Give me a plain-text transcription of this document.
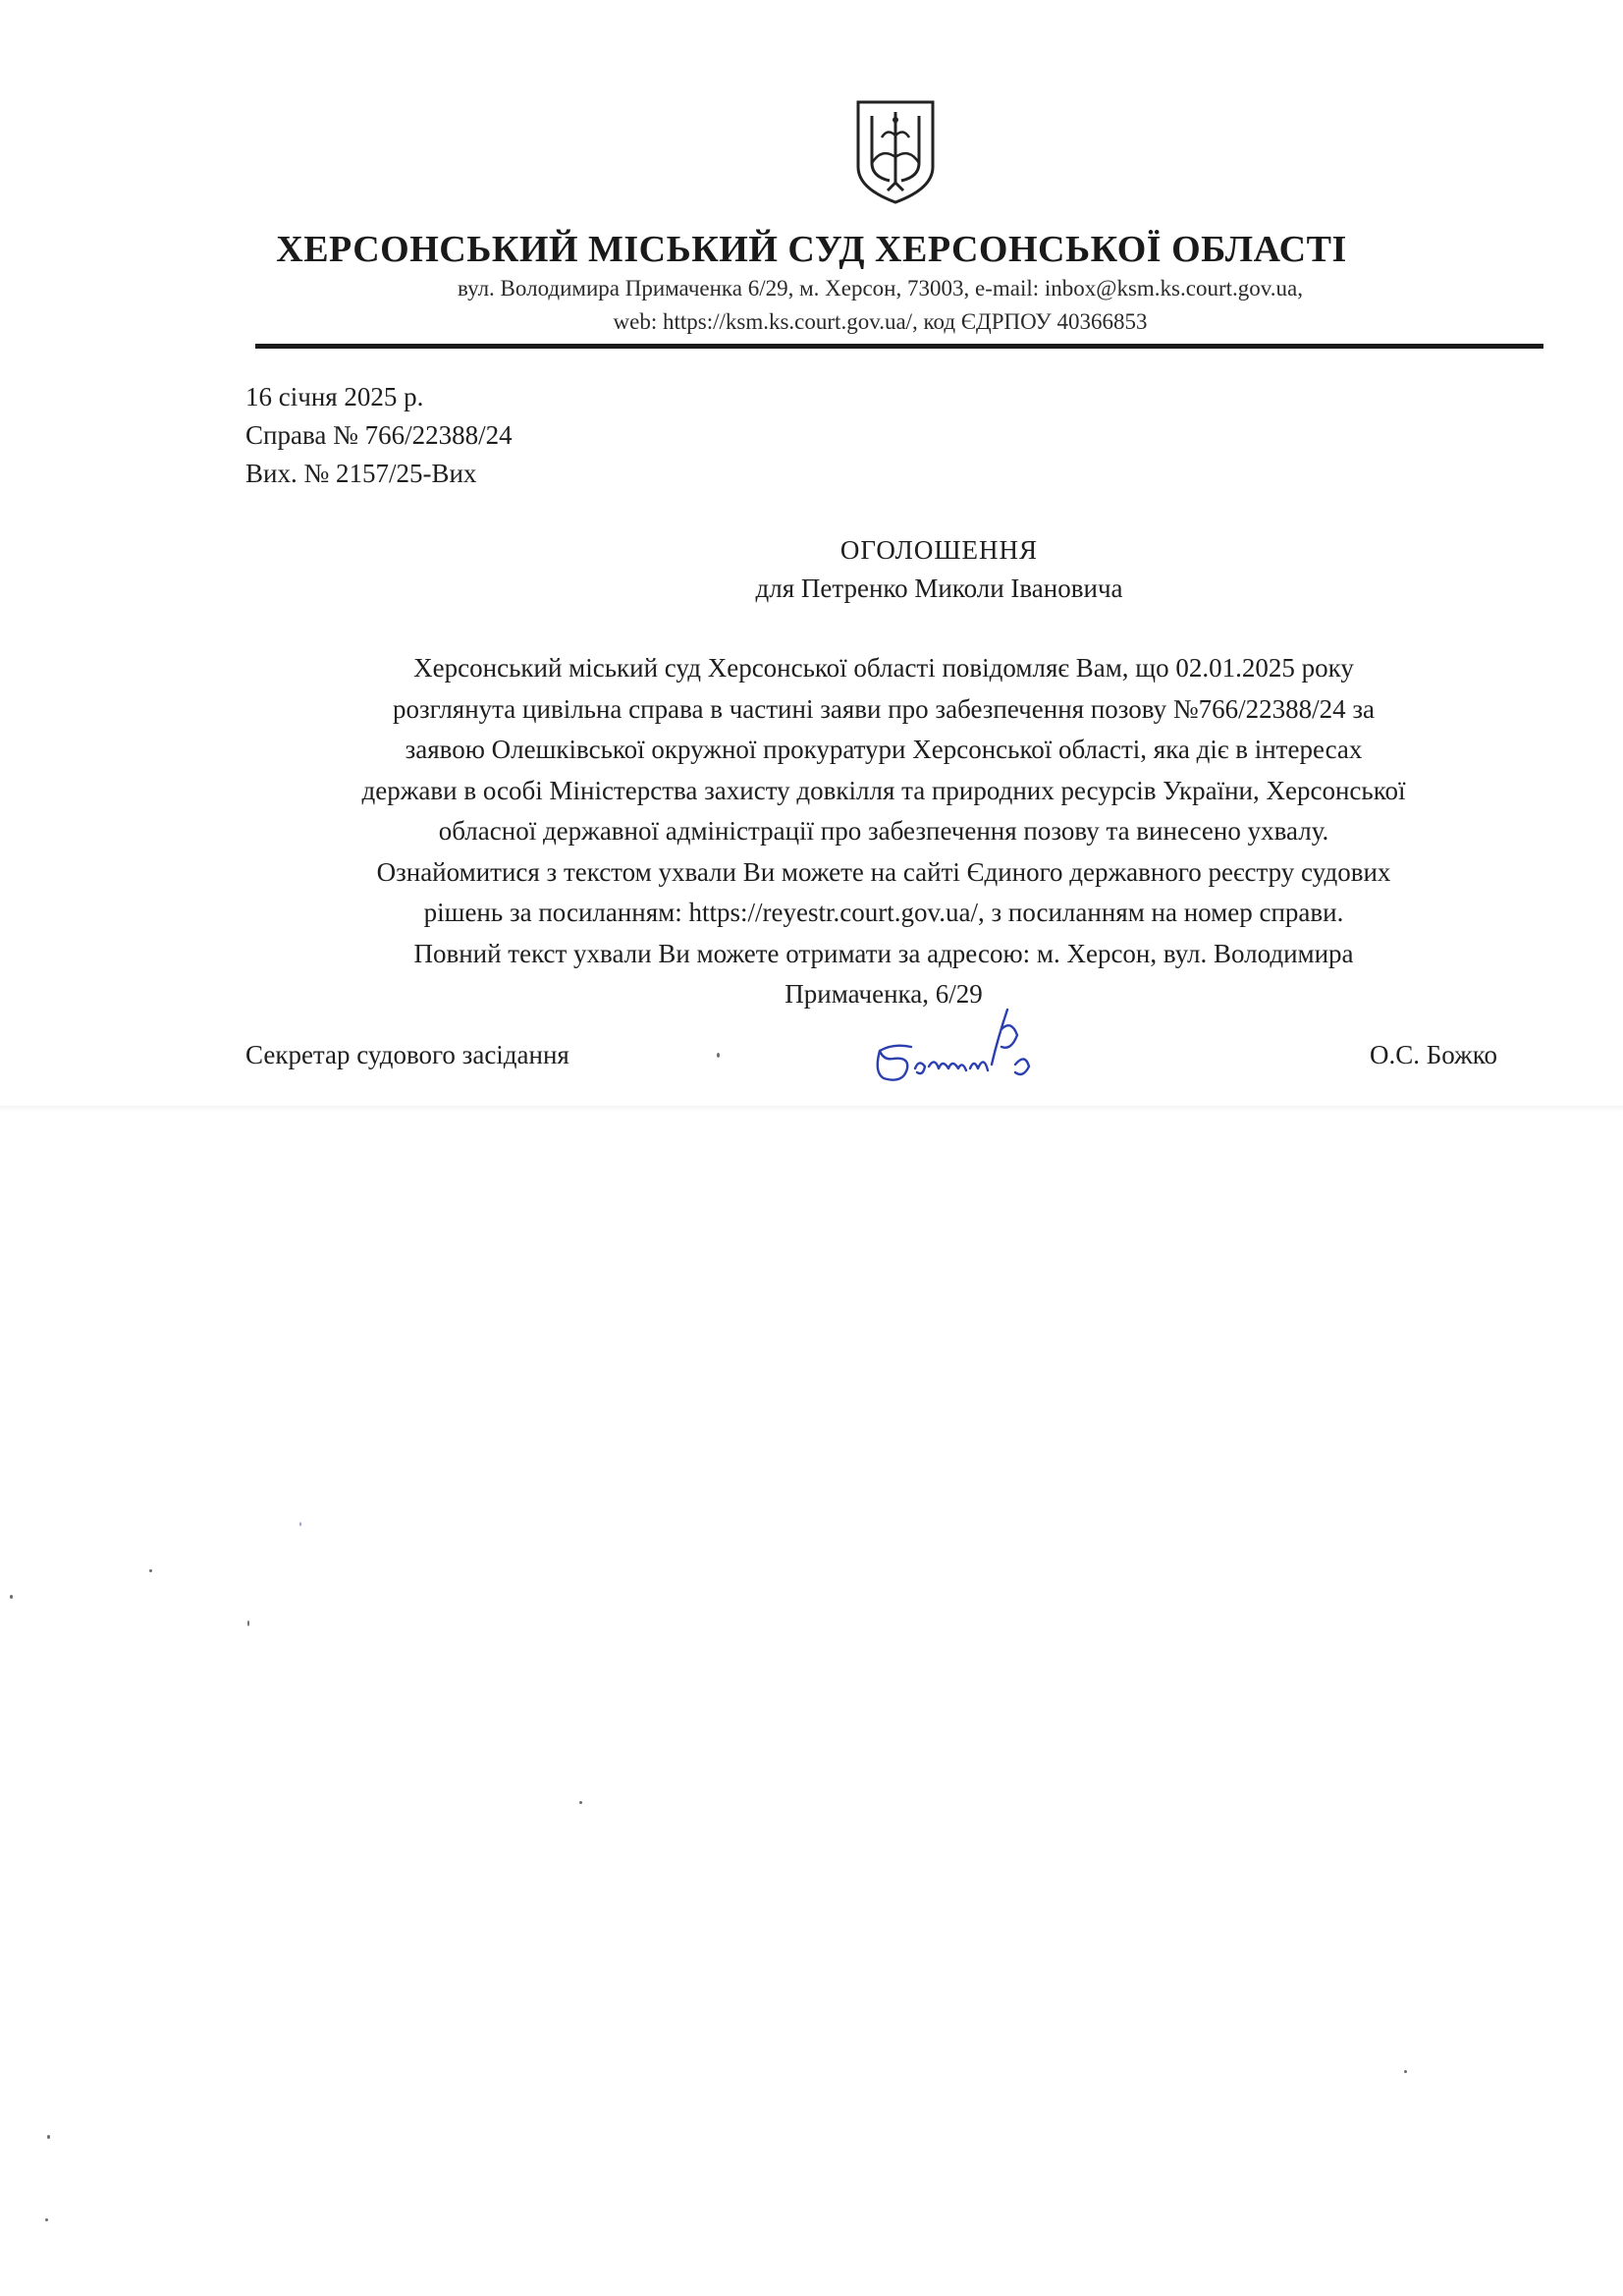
ХЕРСОНСЬКИЙ МІСЬКИЙ СУД ХЕРСОНСЬКОЇ ОБЛАСТІ
вул. Володимира Примаченка 6/29, м. Херсон, 73003, e-mail: inbox@ksm.ks.court.gov.ua,
web: https://ksm.ks.court.gov.ua/, код ЄДРПОУ 40366853
16 січня 2025 р.
Справа № 766/22388/24
Вих. № 2157/25-Вих
ОГОЛОШЕННЯ
для Петренко Миколи Івановича
Херсонський міський суд Херсонської області повідомляє Вам, що 02.01.2025 року
розглянута цивільна справа в частині заяви про забезпечення позову №766/22388/24 за
заявою Олешківської окружної прокуратури Херсонської області, яка діє в інтересах
держави в особі Міністерства захисту довкілля та природних ресурсів України, Херсонської
обласної державної адміністрації про забезпечення позову та винесено ухвалу.
Ознайомитися з текстом ухвали Ви можете на сайті Єдиного державного реєстру судових
рішень за посиланням: https://reyestr.court.gov.ua/, з посиланням на номер справи.
Повний текст ухвали Ви можете отримати за адресою: м. Херсон, вул. Володимира
Примаченка, 6/29
Секретар судового засідання	О.С. Божко
